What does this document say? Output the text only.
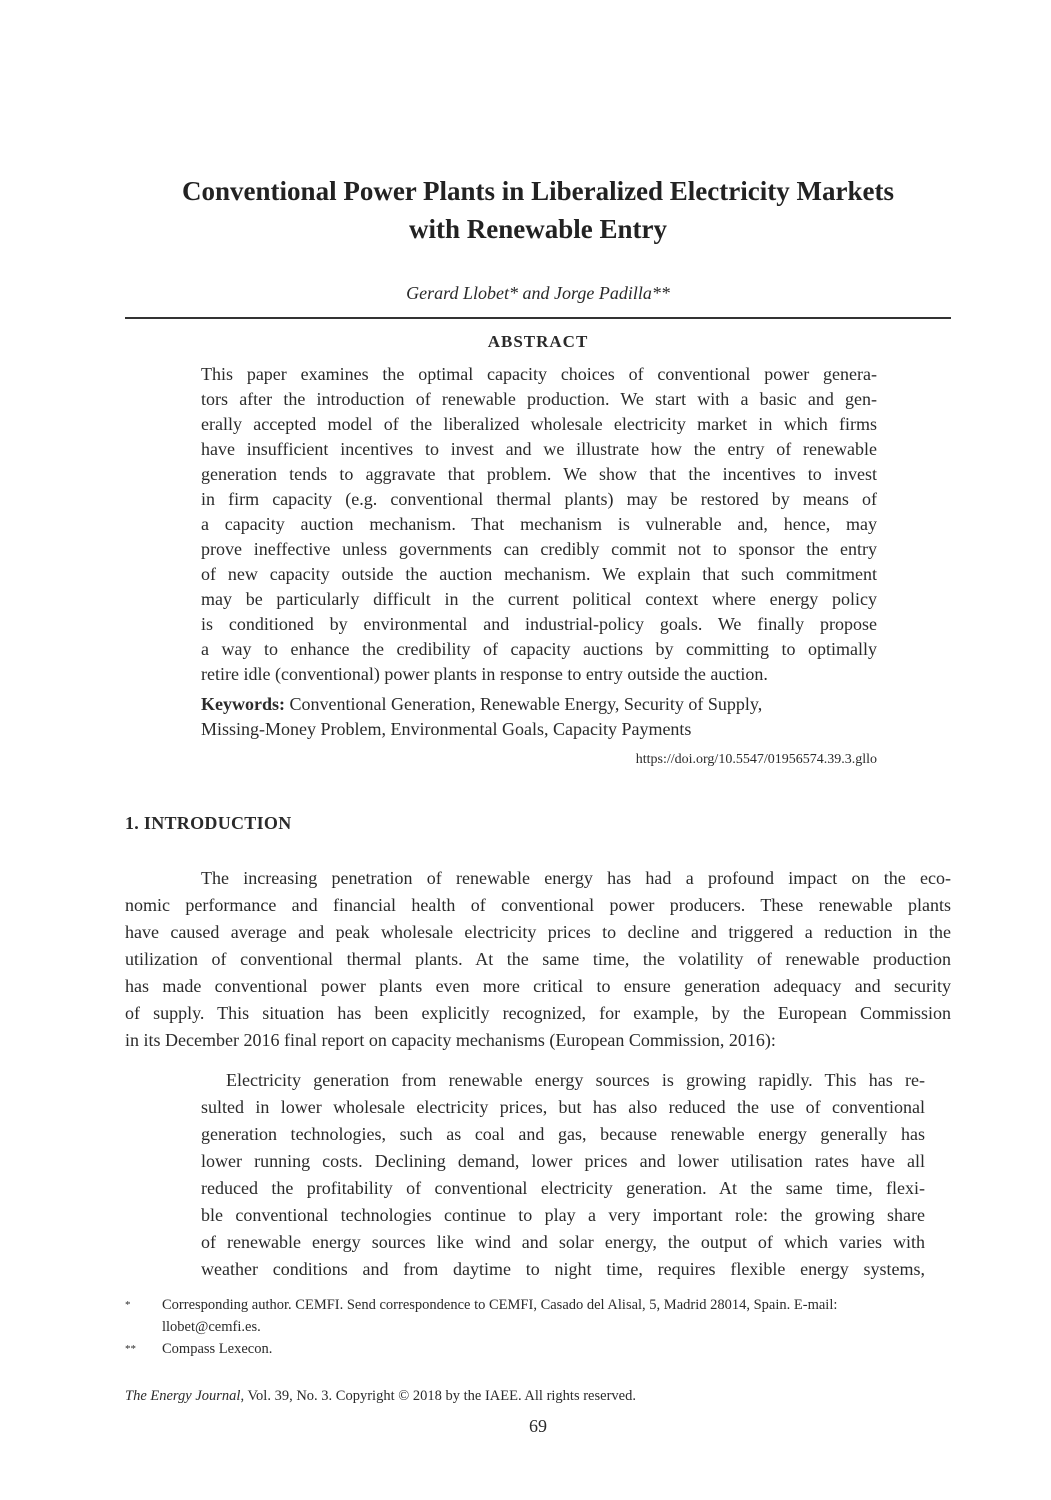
Conventional Power Plants in Liberalized Electricity Markets
with Renewable Entry
Gerard Llobet* and Jorge Padilla**
ABSTRACT
This paper examines the optimal capacity choices of conventional power genera-
tors after the introduction of renewable production. We start with a basic and gen-
erally accepted model of the liberalized wholesale electricity market in which firms
have insufficient incentives to invest and we illustrate how the entry of renewable
generation tends to aggravate that problem. We show that the incentives to invest
in firm capacity (e.g. conventional thermal plants) may be restored by means of
a capacity auction mechanism. That mechanism is vulnerable and, hence, may
prove ineffective unless governments can credibly commit not to sponsor the entry
of new capacity outside the auction mechanism. We explain that such commitment
may be particularly difficult in the current political context where energy policy
is conditioned by environmental and industrial-policy goals. We finally propose
a way to enhance the credibility of capacity auctions by committing to optimally
retire idle (conventional) power plants in response to entry outside the auction.
Keywords: Conventional Generation, Renewable Energy, Security of Supply,
Missing-Money Problem, Environmental Goals, Capacity Payments
https://doi.org/10.5547/01956574.39.3.gllo
1. INTRODUCTION
The increasing penetration of renewable energy has had a profound impact on the eco-
nomic performance and financial health of conventional power producers. These renewable plants
have caused average and peak wholesale electricity prices to decline and triggered a reduction in the
utilization of conventional thermal plants. At the same time, the volatility of renewable production
has made conventional power plants even more critical to ensure generation adequacy and security
of supply. This situation has been explicitly recognized, for example, by the European Commission
in its December 2016 final report on capacity mechanisms (European Commission, 2016):
Electricity generation from renewable energy sources is growing rapidly. This has re-
sulted in lower wholesale electricity prices, but has also reduced the use of conventional
generation technologies, such as coal and gas, because renewable energy generally has
lower running costs. Declining demand, lower prices and lower utilisation rates have all
reduced the profitability of conventional electricity generation. At the same time, flexi-
ble conventional technologies continue to play a very important role: the growing share
of renewable energy sources like wind and solar energy, the output of which varies with
weather conditions and from daytime to night time, requires flexible energy systems,
* Corresponding author. CEMFI. Send correspondence to CEMFI, Casado del Alisal, 5, Madrid 28014, Spain. E-mail:
llobet@cemfi.es.
** Compass Lexecon.
The Energy Journal, Vol. 39, No. 3. Copyright © 2018 by the IAEE. All rights reserved.
69
